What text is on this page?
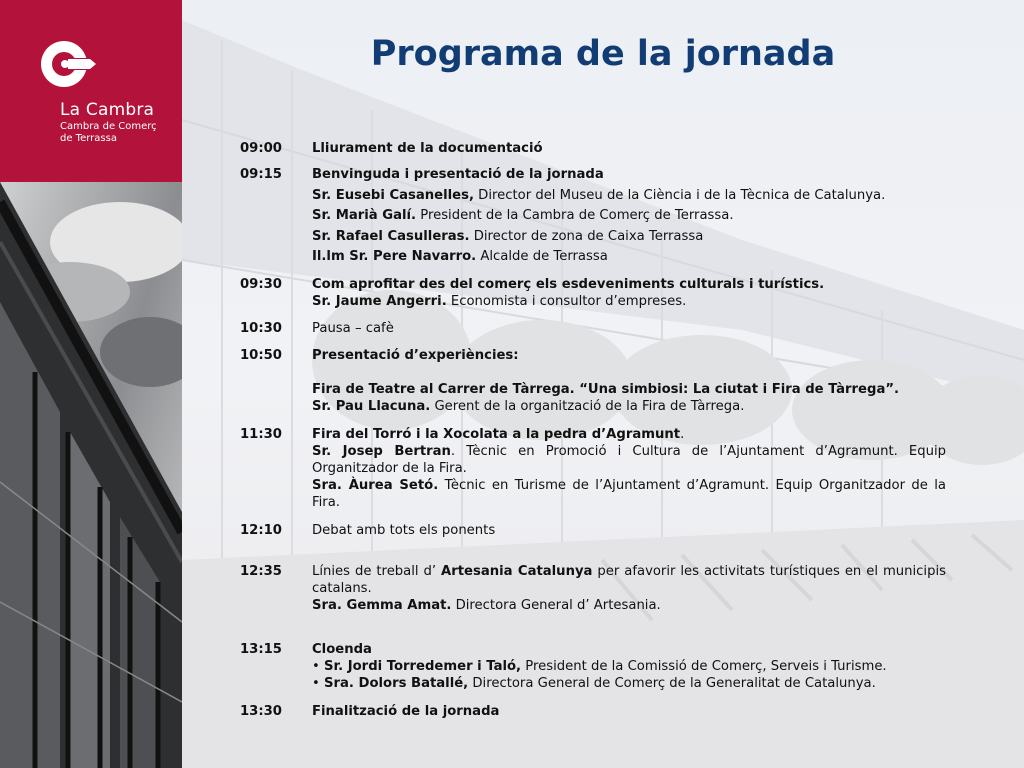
La Cambra
Cambra de Comerç
de Terrassa
Programa de la jornada
09:00 Lliurament de la documentació
09:15 Benvinguda i presentació de la jornada
Sr. Eusebi Casanelles, Director del Museu de la Ciència i de la Tècnica de Catalunya.
Sr. Marià Galí. President de la Cambra de Comerç de Terrassa.
Sr. Rafael Casulleras. Director de zona de Caixa Terrassa
Il.lm Sr. Pere Navarro. Alcalde de Terrassa
09:30 Com aprofitar des del comerç els esdeveniments culturals i turístics.
Sr. Jaume Angerri. Economista i consultor d’empreses.
10:30 Pausa – cafè
10:50 Presentació d’experiències:
Fira de Teatre al Carrer de Tàrrega. “Una simbiosi: La ciutat i Fira de Tàrrega”.
Sr. Pau Llacuna. Gerent de la organització de la Fira de Tàrrega.
11:30 Fira del Torró i la Xocolata a la pedra d’Agramunt.
Sr. Josep Bertran. Tècnic en Promoció i Cultura de l’Ajuntament d’Agramunt. Equip Organitzador de la Fira.
Sra. Àurea Setó. Tècnic en Turisme de l’Ajuntament d’Agramunt. Equip Organitzador de la Fira.
12:10 Debat amb tots els ponents
12:35 Línies de treball d’ Artesania Catalunya per afavorir les activitats turístiques en el municipis catalans.
Sra. Gemma Amat. Directora General d’ Artesania.
13:15 Cloenda
• Sr. Jordi Torredemer i Taló, President de la Comissió de Comerç, Serveis i Turisme.
• Sra. Dolors Batallé, Directora General de Comerç de la Generalitat de Catalunya.
13:30 Finalització de la jornada
